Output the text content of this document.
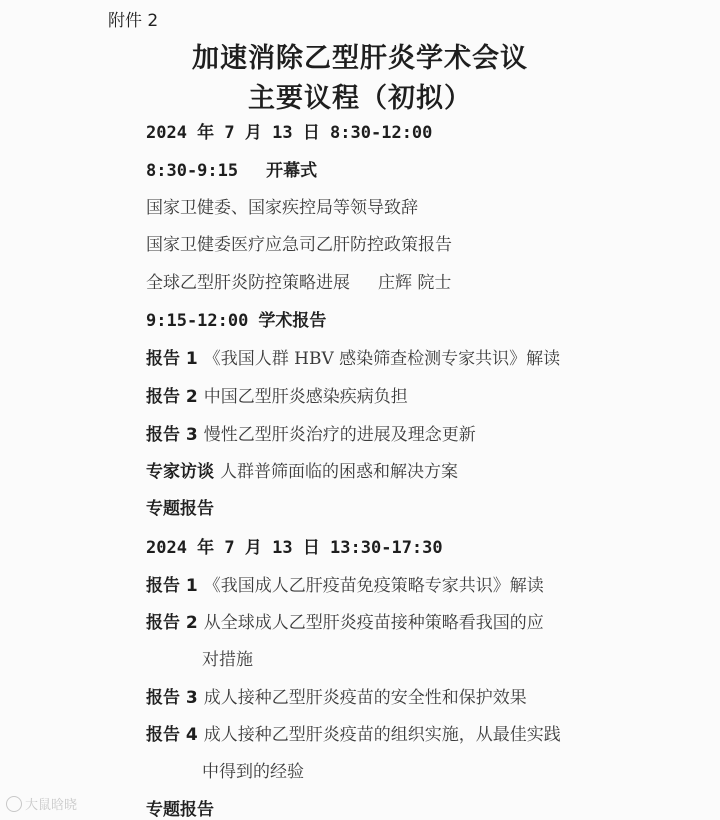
附件 2
加速消除乙型肝炎学术会议
主要议程（初拟）
2024 年 7 月 13 日 8:30-12:00
8:30-9:15 开幕式
国家卫健委、国家疾控局等领导致辞
国家卫健委医疗应急司乙肝防控政策报告
全球乙型肝炎防控策略进展 庄辉 院士
9:15-12:00 学术报告
报告 1 《我国人群 HBV 感染筛查检测专家共识》解读
报告 2 中国乙型肝炎感染疾病负担
报告 3 慢性乙型肝炎治疗的进展及理念更新
专家访谈 人群普筛面临的困惑和解决方案
专题报告
2024 年 7 月 13 日 13:30-17:30
报告 1 《我国成人乙肝疫苗免疫策略专家共识》解读
报告 2 从全球成人乙型肝炎疫苗接种策略看我国的应
对措施
报告 3 成人接种乙型肝炎疫苗的安全性和保护效果
报告 4 成人接种乙型肝炎疫苗的组织实施，从最佳实践
中得到的经验
专题报告
大鼠晗晓
